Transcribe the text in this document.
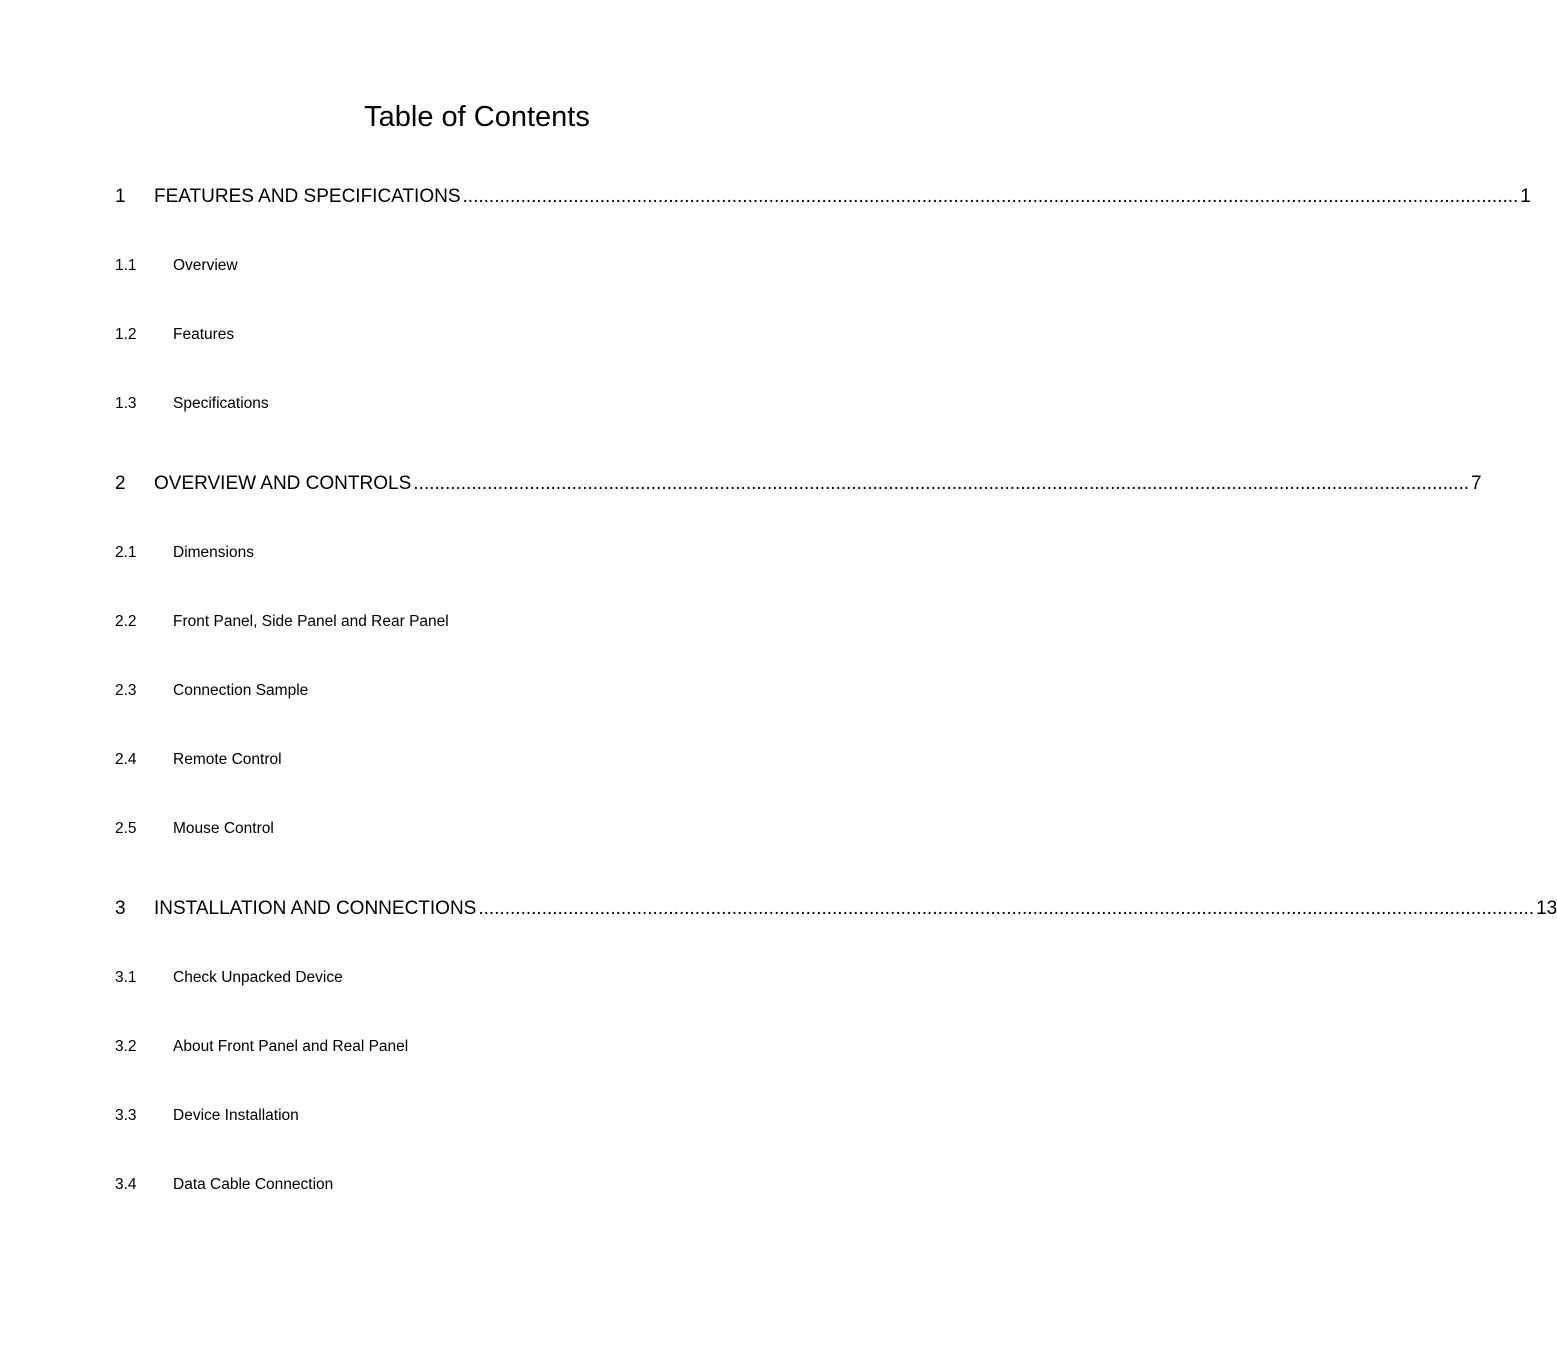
Table of Contents
1	FEATURES AND SPECIFICATIONS ........................................................................................................................................................................................................ 1
1.1	Overview
1.2	Features
1.3	Specifications
2	OVERVIEW AND CONTROLS ........................................................................................................................................................................................................ 7
2.1	Dimensions
2.2	Front Panel, Side Panel and Rear Panel
2.3	Connection Sample
2.4	Remote Control
2.5	Mouse Control
3	INSTALLATION AND CONNECTIONS ........................................................................................................................................................................................................ 13
3.1	Check Unpacked Device
3.2	About Front Panel and Real Panel
3.3	Device Installation
3.4	Data Cable Connection
